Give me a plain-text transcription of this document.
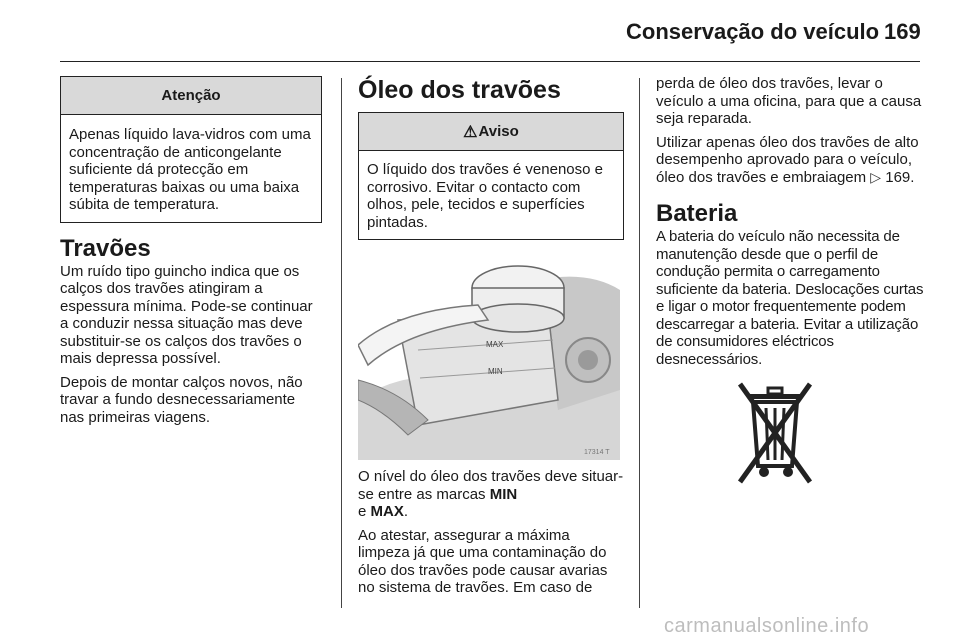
Conservação do veículo 169
Atenção

Apenas líquido lava-vidros com uma concentração de anticongelante suficiente dá protecção em temperaturas baixas ou uma baixa súbita de temperatura.

Travões

Um ruído tipo guincho indica que os calços dos travões atingiram a espessura mínima. Pode-se continuar a conduzir nessa situação mas deve substituir-se os calços dos travões o mais depressa possível.

Depois de montar calços novos, não travar a fundo desnecessariamente nas primeiras viagens.

Óleo dos travões
⚠Aviso

O líquido dos travões é venenoso e corrosivo. Evitar o contacto com olhos, pele, tecidos e superfícies pintadas.

MAX
MIN
17314 T

O nível do óleo dos travões deve situar-se entre as marcas MIN
e MAX.

Ao atestar, assegurar a máxima limpeza já que uma contaminação do óleo dos travões pode causar avarias no sistema de travões. Em caso de

perda de óleo dos travões, levar o veículo a uma oficina, para que a causa seja reparada.

Utilizar apenas óleo dos travões de alto desempenho aprovado para o veículo, óleo dos travões e embraiagem ▷ 169.

Bateria

A bateria do veículo não necessita de manutenção desde que o perfil de condução permita o carregamento suficiente da bateria. Deslocações curtas e ligar o motor frequentemente podem descarregar a bateria. Evitar a utilização de consumidores eléctricos desnecessários.

carmanualsonline.info
